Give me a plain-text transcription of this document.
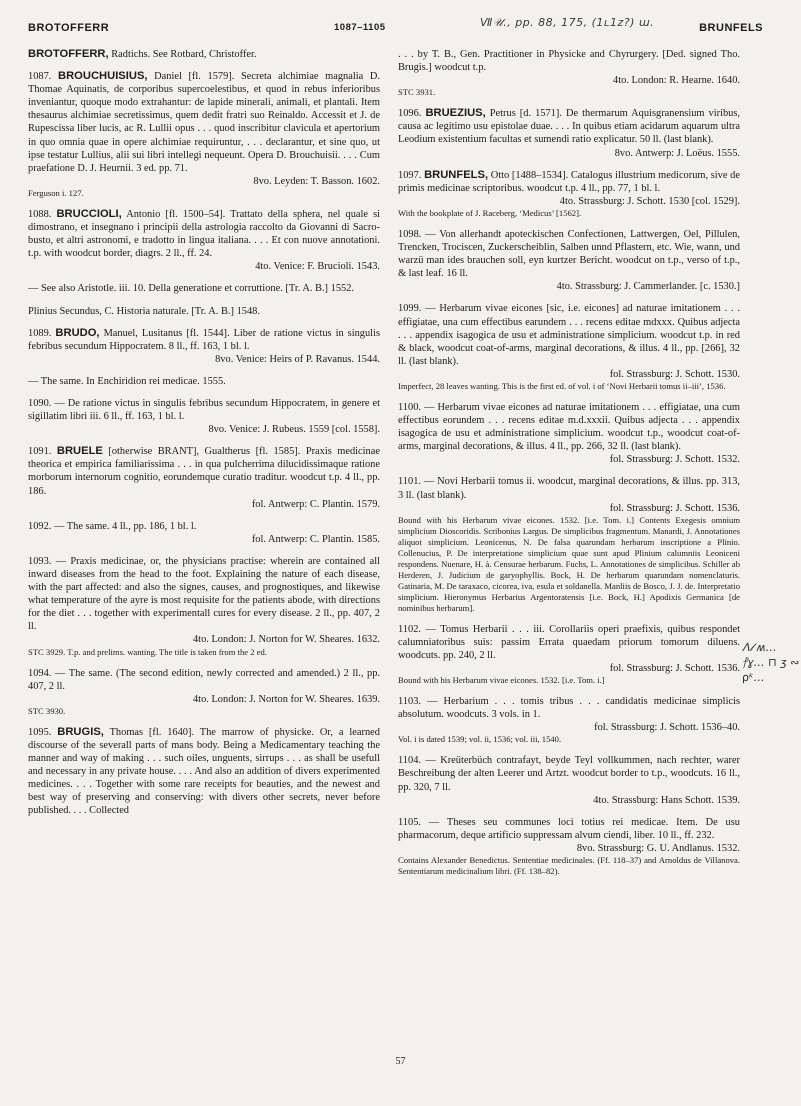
BROTOFFERR	1087–1105	Ⅶ𝒰., pp. 88, 175, (1ʟ1z?) ɯ.	BRUNFELS

BROTOFFERR, Radtichs. See Rotbard, Christoffer.

1087. BROUCHUISIUS, Daniel [fl. 1579]. Secreta alchimiae magnalia D. Thomae Aquinatis, de corporibus supercoelestibus, et quod in rebus inferioribus inveniantur, quoque modo extrahantur: de lapide minerali, animali, et plantali. Item thesaurus alchimiae secretissimus, quem dedit fratri suo Reinaldo. Accessit et J. de Rupescissa liber lucis, ac R. Lullii opus . . . quod inscribitur clavicula et apertorium in quo omnia quae in opere alchimiae requiruntur, . . . declarantur, et sine quo, ut ipse testatur Lullius, alii sui libri intellegi nequeunt. Opera D. Brouchuisii. . . . Cum praefatione D. J. Heurnii. 3 ed. pp. 71.
8vo. Leyden: T. Basson. 1602.
Ferguson i. 127.

1088. BRUCCIOLI, Antonio [fl. 1500–54]. Trattato della sphera, nel quale si dimostrano, et insegnano i principii della astrologia raccolto da Giovanni di Sacro-busto, et altri astronomi, e tradotto in lingua italiana. . . . Et con nuove annotationi. t.p. with woodcut border, diagrs. 2 ll., ff. 24.
4to. Venice: F. Brucioli. 1543.

— See also Aristotle. iii. 10. Della generatione et corruttione. [Tr. A. B.] 1552.

Plinius Secundus, C. Historia naturale. [Tr. A. B.] 1548.

1089. BRUDO, Manuel, Lusitanus [fl. 1544]. Liber de ratione victus in singulis febribus secundum Hippocratem. 8 ll., ff. 163, 1 bl. l.
8vo. Venice: Heirs of P. Ravanus. 1544.

— The same. In Enchiridion rei medicae. 1555.

1090. — De ratione victus in singulis febribus secundum Hippocratem, in genere et sigillatim libri iii. 6 ll., ff. 163, 1 bl. l.
8vo. Venice: J. Rubeus. 1559 [col. 1558].

1091. BRUELE [otherwise BRANT], Gualtherus [fl. 1585]. Praxis medicinae theorica et empirica familiarissima . . . in qua pulcherrima dilucidissimaque ratione morborum internorum cognitio, eorundemque curatio traditur. woodcut t.p. 4 ll., pp. 186.
fol. Antwerp: C. Plantin. 1579.

1092. — The same. 4 ll., pp. 186, 1 bl. l.
fol. Antwerp: C. Plantin. 1585.

1093. — Praxis medicinae, or, the physicians practise: wherein are contained all inward diseases from the head to the foot. Explaining the nature of each disease, with the part affected: and also the signes, causes, and prognostiques, and likewise what temperature of the ayre is most requisite for the patients abode, with directions for the diet . . . together with experimentall cures for every disease. 2 ll., pp. 407, 2 ll.
4to. London: J. Norton for W. Sheares. 1632.
STC 3929. T.p. and prelims. wanting. The title is taken from the 2 ed.

1094. — The same. (The second edition, newly corrected and amended.) 2 ll., pp. 407, 2 ll.
4to. London: J. Norton for W. Sheares. 1639.
STC 3930.

1095. BRUGIS, Thomas [fl. 1640]. The marrow of physicke. Or, a learned discourse of the severall parts of mans body. Being a Medicamentary teaching the manner and way of making . . . such oiles, unguents, sirrups . . . as shall be usefull and necessary in any private house. . . . And also an addition of divers experimented medicines. . . . Together with some rare receipts for beauties, and the newest and best way of preserving and conserving: with divers other secrets, never before published. . . . Collected

. . . by T. B., Gen. Practitioner in Physicke and Chyrurgery. [Ded. signed Tho. Brugis.] woodcut t.p.
4to. London: R. Hearne. 1640.
STC 3931.

1096. BRUEZIUS, Petrus [d. 1571]. De thermarum Aquisgranensium viribus, causa ac legitimo usu epistolae duae. . . . In quibus etiam acidarum aquarum ultra Leodium existentium facultas et sumendi ratio explicatur. 50 ll. (last blank).
8vo. Antwerp: J. Loëus. 1555.

1097. BRUNFELS, Otto [1488–1534]. Catalogus illustrium medicorum, sive de primis medicinae scriptoribus. woodcut t.p. 4 ll., pp. 77, 1 bl. l.
4to. Strassburg: J. Schott. 1530 [col. 1529].
With the bookplate of J. Raceberg, ‘Medicus’ [1562].

1098. — Von allerhandt apoteckischen Confectionen, Lattwergen, Oel, Pillulen, Trencken, Trociscen, Zuckerscheiblin, Salben unnd Pflastern, etc. Wie, wann, und warzü man ides brauchen soll, eyn kurtzer Bericht. woodcut on t.p., verso of t.p., & last leaf. 16 ll.
4to. Strassburg: J. Cammerlander. [c. 1530.]

1099. — Herbarum vivae eicones [sic, i.e. eicones] ad naturae imitationem . . . effigiatae, una cum effectibus earundem . . . recens editae mdxxx. Quibus adjecta . . . appendix isagogica de usu et administratione simplicium. woodcut t.p. in red & black, woodcut coat-of-arms, marginal decorations, & illus. 4 ll., pp. [266], 32 ll. (last blank).
fol. Strassburg: J. Schott. 1530.
Imperfect, 28 leaves wanting. This is the first ed. of vol. i of ‘Novi Herbarii tomus ii–iii’, 1536.

1100. — Herbarum vivae eicones ad naturae imitationem . . . effigiatae, una cum effectibus eorundem . . . recens editae m.d.xxxii. Quibus adjecta . . . appendix isagogica de usu et administratione simplicium. woodcut t.p., woodcut coat-of-arms, marginal decorations, & illus. 4 ll., pp. 266, 32 ll. (last blank).
fol. Strassburg: J. Schott. 1532.

1101. — Novi Herbarii tomus ii. woodcut, marginal decorations, & illus. pp. 313, 3 ll. (last blank).
fol. Strassburg: J. Schott. 1536.
Bound with his Herbarum vivae eicones. 1532. [i.e. Tom. i.] Contents Exegesis omnium simplicium Dioscoridis. Scribonius Largus. De simplicibus fragmentum. Manardi, J. Annotationes aliquot simplicium. Leonicenus, N. De falsa quarundam herbarum inscriptione a Plinio. Collenucius, P. De interpretatione simplicium quae sunt apud Plinium calumniis Leoniceni respondens. Nuenare, H. à. Censurae herbarum. Fuchs, L. Annotationes de simplicibus. Schiller ab Herderen, J. Judicium de garyophyllis. Bock, H. De herbarum quarundam nomenclaturis. Gatinaria, M. De taraxaco, cicorea, iva, esula et soldanella. Manliis de Bosco, J. J. de. Interpretatio simplicium. Hieronymus Herbarius Argentoratensis [i.e. Bock, H.] Apodixis Germanica [de nominibus herbarum].

1102. — Tomus Herbarii . . . iii. Corollariis operi praefixis, quibus respondet calumniatoribus suis: passim Errata quaedam priorum tomorum diluens. woodcuts. pp. 240, 2 ll.
fol. Strassburg: J. Schott. 1536.
Bound with his Herbarum vivae eicones. 1532. [i.e. Tom. i.]

1103. — Herbarium . . . tomis tribus . . . candidatis medicinae simplicis absolutum. woodcuts. 3 vols. in 1.
fol. Strassburg: J. Schott. 1536–40.
Vol. i is dated 1539; vol. ii, 1536; vol. iii, 1540.

1104. — Kreüterbüch contrafayt, beyde Teyl vollkummen, nach rechter, warer Beschreibung der alten Leerer und Artzt. woodcut border to t.p., woodcuts. 16 ll., pp. 320, 7 ll.
4to. Strassburg: Hans Schott. 1539.

1105. — Theses seu communes loci totius rei medicae. Item. De usu pharmacorum, deque artificio suppressam alvum ciendi, liber. 10 ll., ff. 232.
8vo. Strassburg: G. U. Andlanus. 1532.
Contains Alexander Benedictus. Sententiae medicinales. (Ff. 118–37) and Arnoldus de Villanova. Sententiarum medicinalium libri. (Ff. 138–82).

ⴷ𝓁 ʍ… ⳨ɣ… ⊓ ʒ ∾ ⍴ᵏ…
57
